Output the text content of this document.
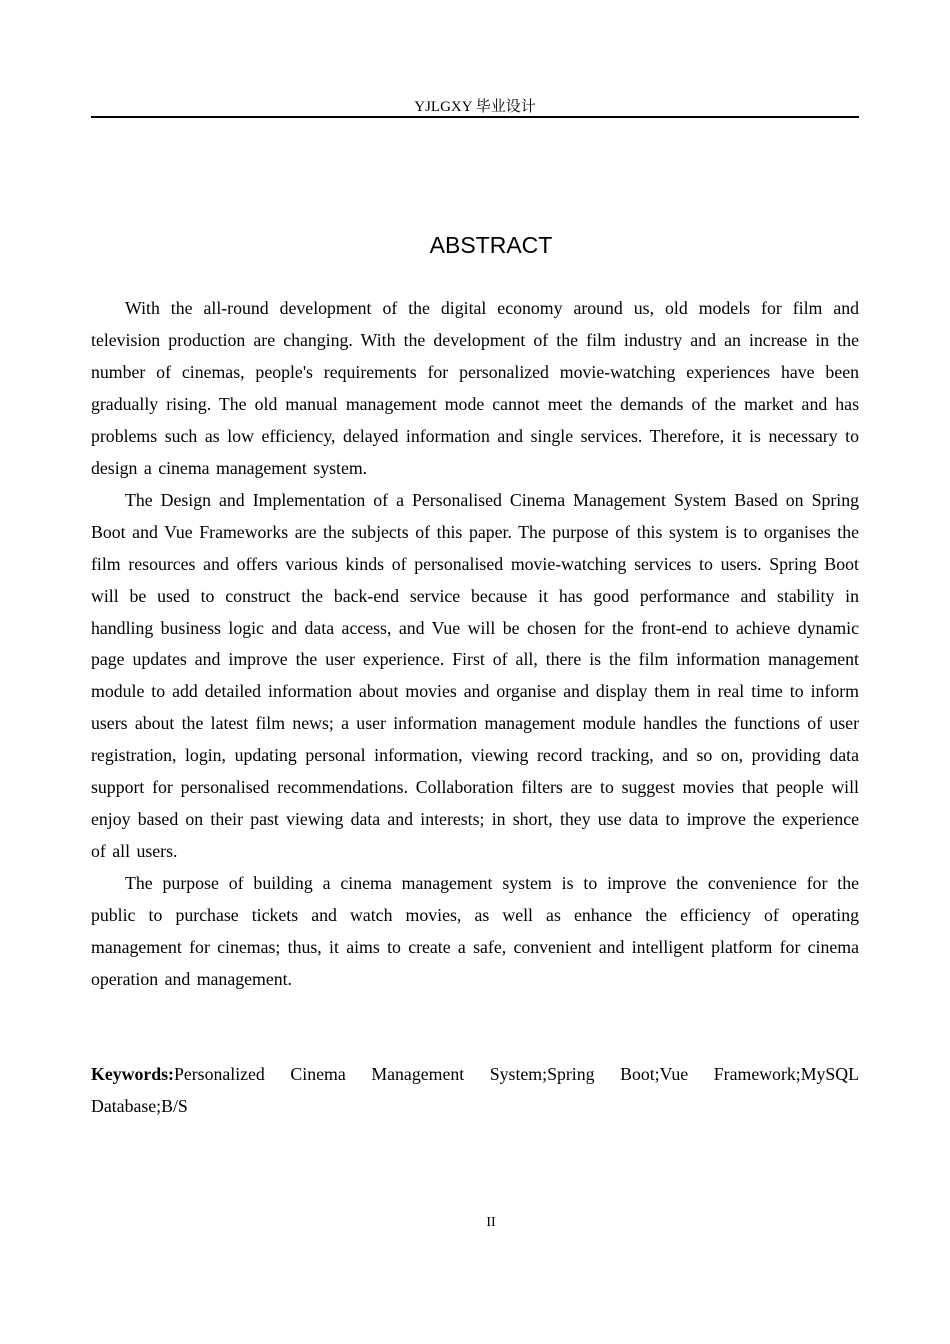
YJLGXY 毕业设计
ABSTRACT

With the all-round development of the digital economy around us, old models for film and television production are changing. With the development of the film industry and an increase in the number of cinemas, people's requirements for personalized movie-watching experiences have been gradually rising. The old manual management mode cannot meet the demands of the market and has problems such as low efficiency, delayed information and single services. Therefore, it is necessary to design a cinema management system.

The Design and Implementation of a Personalised Cinema Management System Based on Spring Boot and Vue Frameworks are the subjects of this paper. The purpose of this system is to organises the film resources and offers various kinds of personalised movie-watching services to users. Spring Boot will be used to construct the back-end service because it has good performance and stability in handling business logic and data access, and Vue will be chosen for the front-end to achieve dynamic page updates and improve the user experience. First of all, there is the film information management module to add detailed information about movies and organise and display them in real time to inform users about the latest film news; a user information management module handles the functions of user registration, login, updating personal information, viewing record tracking, and so on, providing data support for personalised recommendations. Collaboration filters are to suggest movies that people will enjoy based on their past viewing data and interests; in short, they use data to improve the experience of all users.

The purpose of building a cinema management system is to improve the convenience for the public to purchase tickets and watch movies, as well as enhance the efficiency of operating management for cinemas; thus, it aims to create a safe, convenient and intelligent platform for cinema operation and management.

Keywords:Personalized Cinema Management System;Spring Boot;Vue Framework;MySQL Database;B/S

II
